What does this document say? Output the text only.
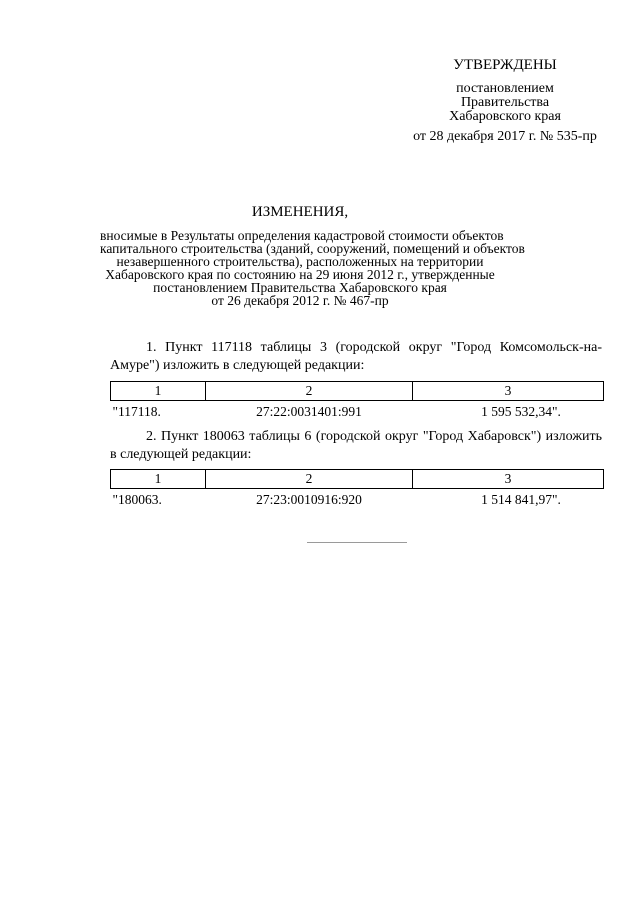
УТВЕРЖДЕНЫ
постановлением
Правительства
Хабаровского края
от 28 декабря 2017 г. № 535-пр
ИЗМЕНЕНИЯ,
вносимые в Результаты определения кадастровой стоимости объектов
капитального строительства (зданий, сооружений, помещений и объектов
незавершенного строительства), расположенных на территории
Хабаровского края по состоянию на 29 июня 2012 г., утвержденные
постановлением Правительства Хабаровского края
от 26 декабря 2012 г. № 467-пр
1. Пункт 117118 таблицы 3 (городской округ "Город Комсомольск-на-Амуре") изложить в следующей редакции:
1	2	3
"117118.	27:22:0031401:991	1 595 532,34".
2. Пункт 180063 таблицы 6 (городской округ "Город Хабаровск") изложить в следующей редакции:
1	2	3
"180063.	27:23:0010916:920	1 514 841,97".
